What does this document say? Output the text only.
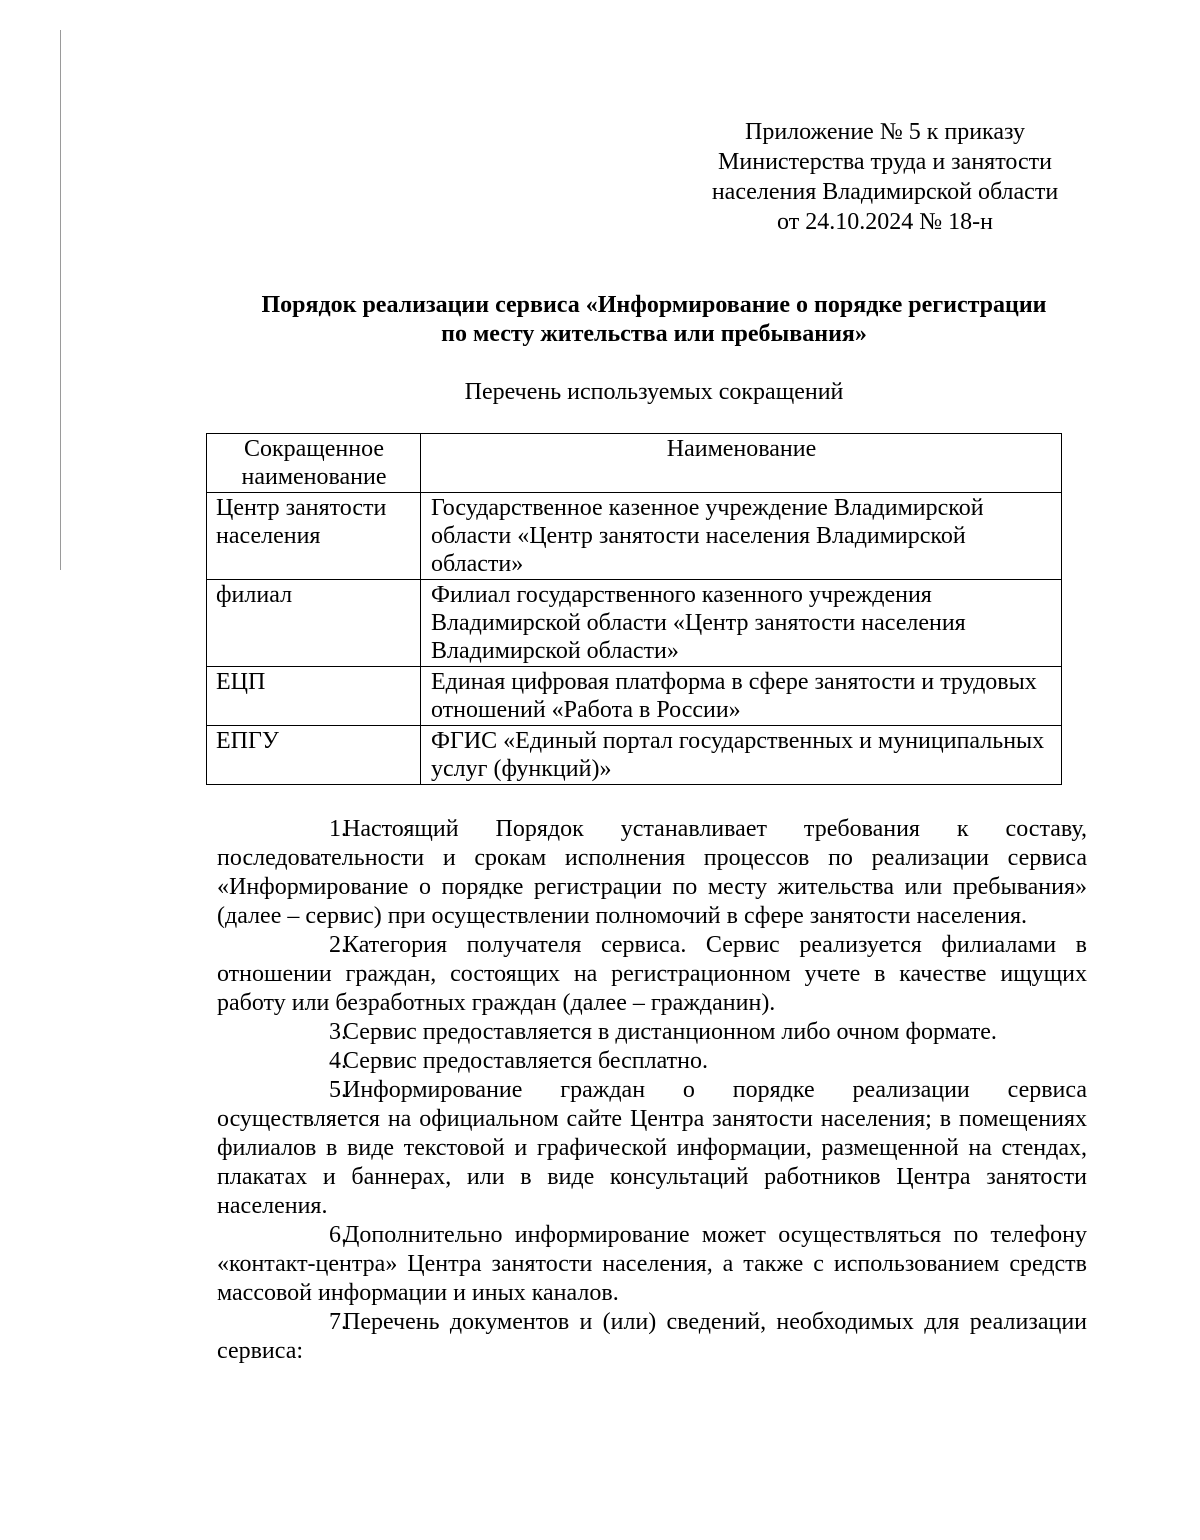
Приложение № 5 к приказу
Министерства труда и занятости
населения Владимирской области
от 24.10.2024 № 18-н
Порядок реализации сервиса «Информирование о порядке регистрации
по месту жительства или пребывания»
Перечень используемых сокращений
Сокращенное наименование	Наименование
Центр занятости населения	Государственное казенное учреждение Владимирской области «Центр занятости населения Владимирской области»
филиал	Филиал государственного казенного учреждения Владимирской области «Центр занятости населения Владимирской области»
ЕЦП	Единая цифровая платформа в сфере занятости и трудовых отношений «Работа в России»
ЕПГУ	ФГИС «Единый портал государственных и муниципальных услуг (функций)»

1.Настоящий Порядок устанавливает требования к составу, последовательности и срокам исполнения процессов по реализации сервиса «Информирование о порядке регистрации по месту жительства или пребывания» (далее – сервис) при осуществлении полномочий в сфере занятости населения.

2.Категория получателя сервиса. Сервис реализуется филиалами в отношении граждан, состоящих на регистрационном учете в качестве ищущих работу или безработных граждан (далее – гражданин).

3.Сервис предоставляется в дистанционном либо очном формате.

4.Сервис предоставляется бесплатно.

5.Информирование граждан о порядке реализации сервиса осуществляется на официальном сайте Центра занятости населения; в помещениях филиалов в виде текстовой и графической информации, размещенной на стендах, плакатах и баннерах, или в виде консультаций работников Центра занятости населения.

6.Дополнительно информирование может осуществляться по телефону «контакт-центра» Центра занятости населения, а также с использованием средств массовой информации и иных каналов.

7.Перечень документов и (или) сведений, необходимых для реализации сервиса:
